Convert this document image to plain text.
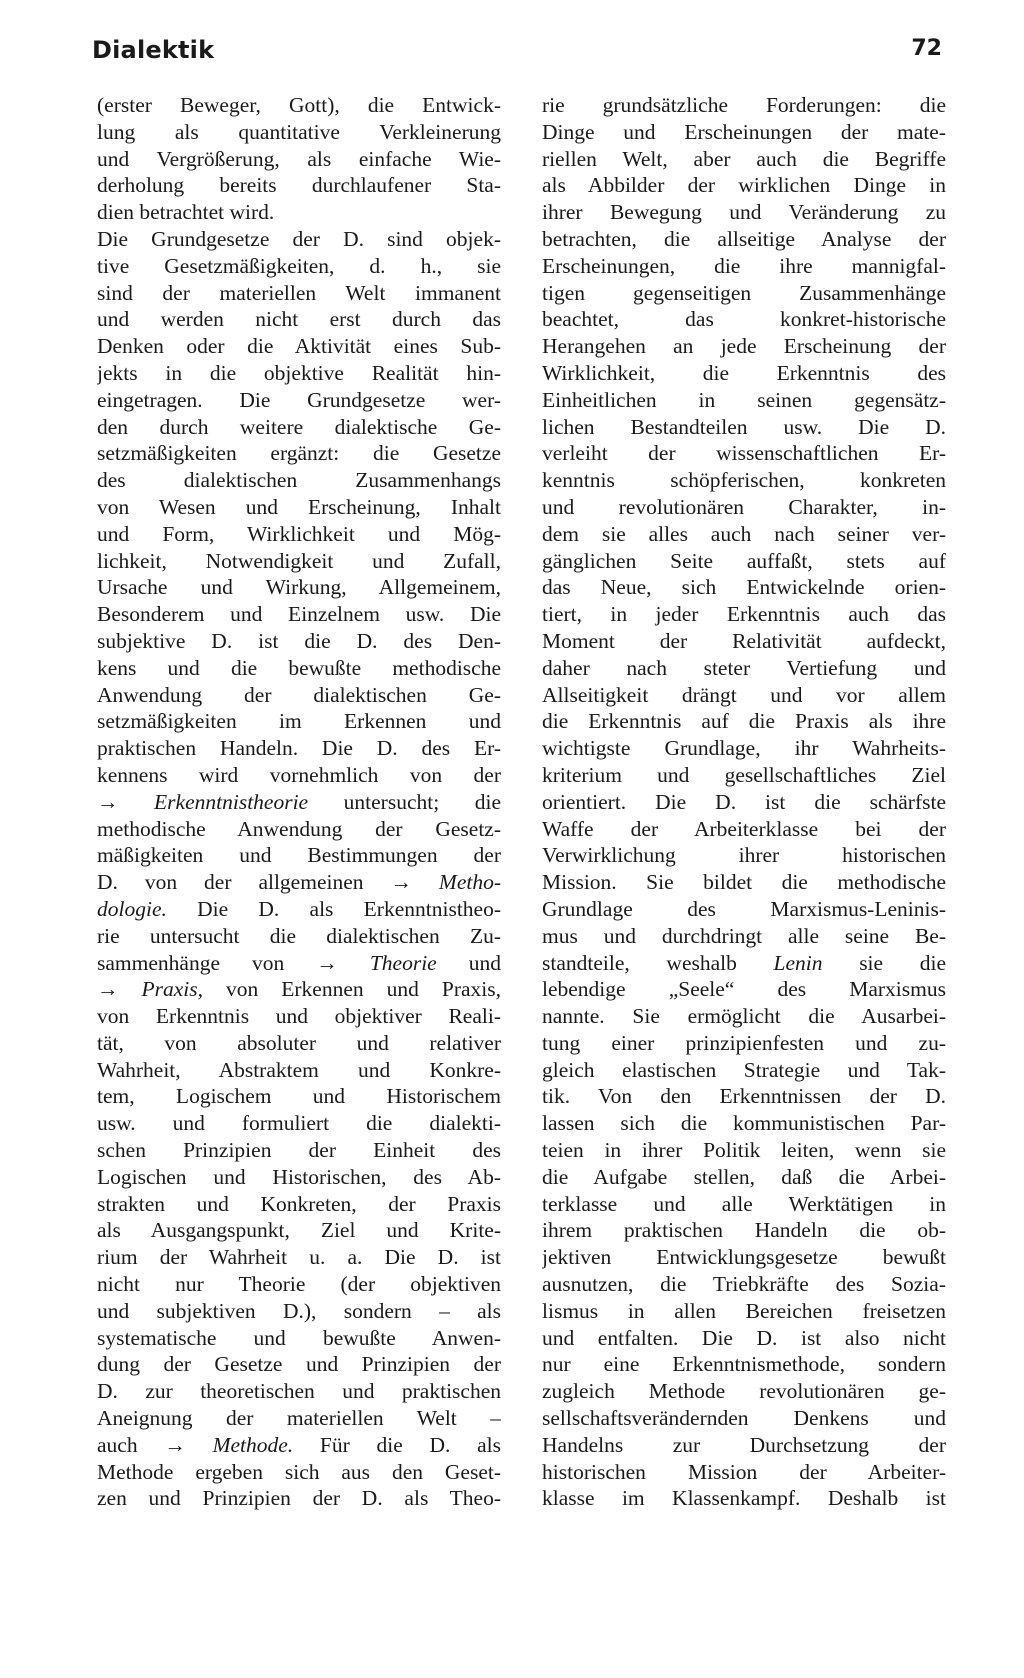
Dialektik	72
(erster Beweger, Gott), die Entwick-
lung als quantitative Verkleinerung
und Vergrößerung, als einfache Wie-
derholung bereits durchlaufener Sta-
dien betrachtet wird.
Die Grundgesetze der D. sind objek-
tive Gesetzmäßigkeiten, d. h., sie
sind der materiellen Welt immanent
und werden nicht erst durch das
Denken oder die Aktivität eines Sub-
jekts in die objektive Realität hin-
eingetragen. Die Grundgesetze wer-
den durch weitere dialektische Ge-
setzmäßigkeiten ergänzt: die Gesetze
des dialektischen Zusammenhangs
von Wesen und Erscheinung, Inhalt
und Form, Wirklichkeit und Mög-
lichkeit, Notwendigkeit und Zufall,
Ursache und Wirkung, Allgemeinem,
Besonderem und Einzelnem usw. Die
subjektive D. ist die D. des Den-
kens und die bewußte methodische
Anwendung der dialektischen Ge-
setzmäßigkeiten im Erkennen und
praktischen Handeln. Die D. des Er-
kennens wird vornehmlich von der
→ Erkenntnistheorie untersucht; die
methodische Anwendung der Gesetz-
mäßigkeiten und Bestimmungen der
D. von der allgemeinen → Metho-
dologie. Die D. als Erkenntnistheo-
rie untersucht die dialektischen Zu-
sammenhänge von → Theorie und
→ Praxis, von Erkennen und Praxis,
von Erkenntnis und objektiver Reali-
tät, von absoluter und relativer
Wahrheit, Abstraktem und Konkre-
tem, Logischem und Historischem
usw. und formuliert die dialekti-
schen Prinzipien der Einheit des
Logischen und Historischen, des Ab-
strakten und Konkreten, der Praxis
als Ausgangspunkt, Ziel und Krite-
rium der Wahrheit u. a. Die D. ist
nicht nur Theorie (der objektiven
und subjektiven D.), sondern – als
systematische und bewußte Anwen-
dung der Gesetze und Prinzipien der
D. zur theoretischen und praktischen
Aneignung der materiellen Welt –
auch → Methode. Für die D. als
Methode ergeben sich aus den Geset-
zen und Prinzipien der D. als Theo-
rie grundsätzliche Forderungen: die
Dinge und Erscheinungen der mate-
riellen Welt, aber auch die Begriffe
als Abbilder der wirklichen Dinge in
ihrer Bewegung und Veränderung zu
betrachten, die allseitige Analyse der
Erscheinungen, die ihre mannigfal-
tigen gegenseitigen Zusammenhänge
beachtet, das konkret-historische
Herangehen an jede Erscheinung der
Wirklichkeit, die Erkenntnis des
Einheitlichen in seinen gegensätz-
lichen Bestandteilen usw. Die D.
verleiht der wissenschaftlichen Er-
kenntnis schöpferischen, konkreten
und revolutionären Charakter, in-
dem sie alles auch nach seiner ver-
gänglichen Seite auffaßt, stets auf
das Neue, sich Entwickelnde orien-
tiert, in jeder Erkenntnis auch das
Moment der Relativität aufdeckt,
daher nach steter Vertiefung und
Allseitigkeit drängt und vor allem
die Erkenntnis auf die Praxis als ihre
wichtigste Grundlage, ihr Wahrheits-
kriterium und gesellschaftliches Ziel
orientiert. Die D. ist die schärfste
Waffe der Arbeiterklasse bei der
Verwirklichung ihrer historischen
Mission. Sie bildet die methodische
Grundlage des Marxismus-Leninis-
mus und durchdringt alle seine Be-
standteile, weshalb Lenin sie die
lebendige „Seele“ des Marxismus
nannte. Sie ermöglicht die Ausarbei-
tung einer prinzipienfesten und zu-
gleich elastischen Strategie und Tak-
tik. Von den Erkenntnissen der D.
lassen sich die kommunistischen Par-
teien in ihrer Politik leiten, wenn sie
die Aufgabe stellen, daß die Arbei-
terklasse und alle Werktätigen in
ihrem praktischen Handeln die ob-
jektiven Entwicklungsgesetze bewußt
ausnutzen, die Triebkräfte des Sozia-
lismus in allen Bereichen freisetzen
und entfalten. Die D. ist also nicht
nur eine Erkenntnismethode, sondern
zugleich Methode revolutionären ge-
sellschaftsverändernden Denkens und
Handelns zur Durchsetzung der
historischen Mission der Arbeiter-
klasse im Klassenkampf. Deshalb ist
